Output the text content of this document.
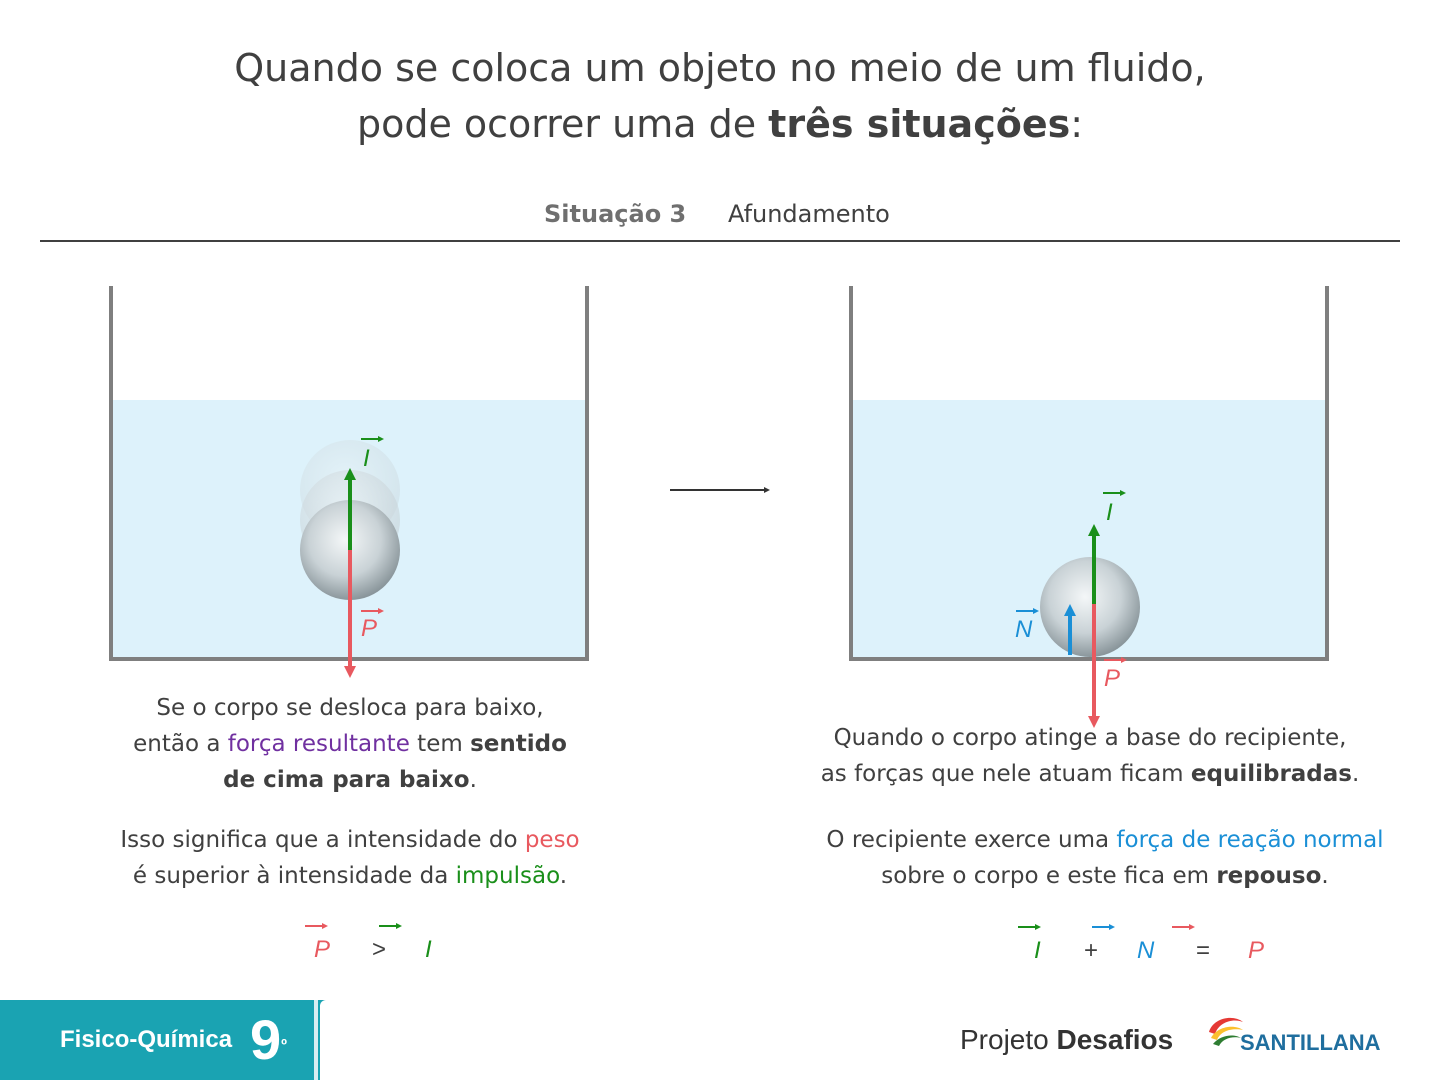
Quando se coloca um objeto no meio de um fluido,
pode ocorrer uma de três situações:
Situação 3 Afundamento
I
P
I
N
P
Se o corpo se desloca para baixo,
então a força resultante tem sentido
de cima para baixo.
Isso significa que a intensidade do peso
é superior à intensidade da impulsão.
Quando o corpo atinge a base do recipiente,
as forças que nele atuam ficam equilibradas.
O recipiente exerce uma força de reação normal
sobre o corpo e este fica em repouso.
P > I	I + N = P
Fisico-Química $9^º$	Projeto Desafios	SANTILLANA
